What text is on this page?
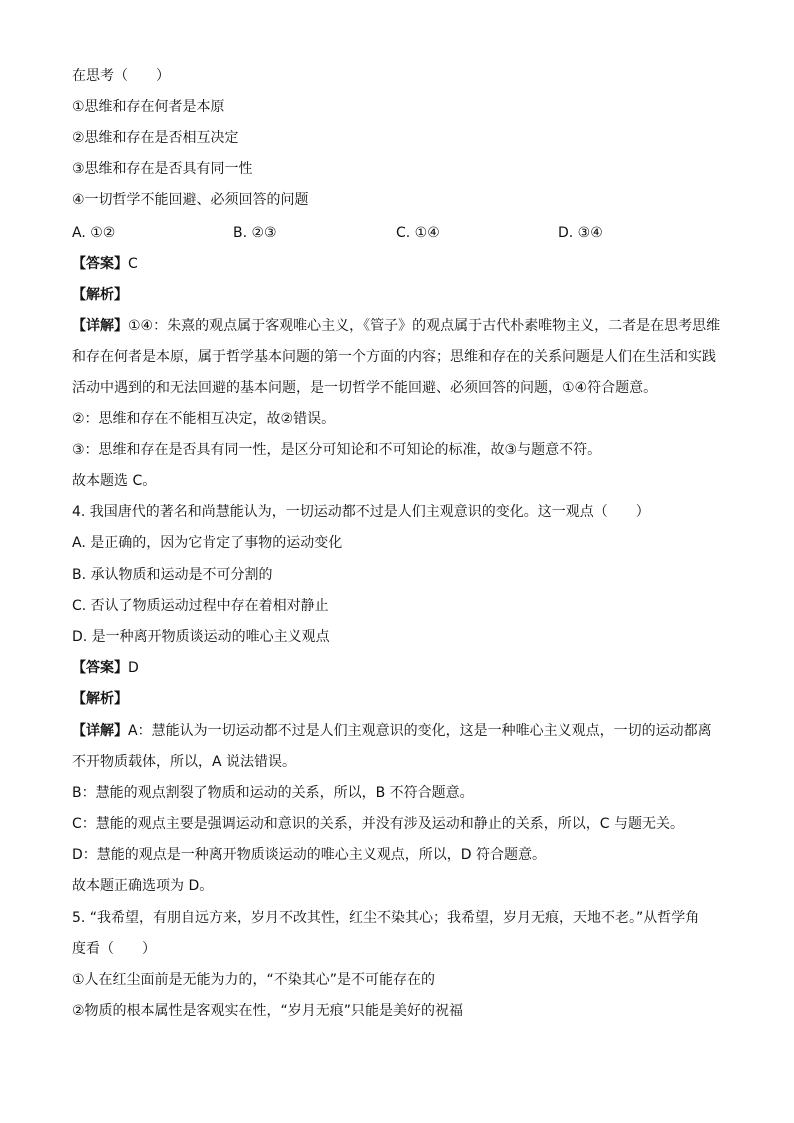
在思考（　　）

①思维和存在何者是本原

②思维和存在是否相互决定

③思维和存在是否具有同一性

④一切哲学不能回避、必须回答的问题

A. ①②	B. ②③	C. ①④	D. ③④

【答案】C

【解析】

【详解】①④：朱熹的观点属于客观唯心主义，《管子》的观点属于古代朴素唯物主义，二者是在思考思维

和存在何者是本原，属于哲学基本问题的第一个方面的内容；思维和存在的关系问题是人们在生活和实践

活动中遇到的和无法回避的基本问题，是一切哲学不能回避、必须回答的问题，①④符合题意。

②：思维和存在不能相互决定，故②错误。

③：思维和存在是否具有同一性，是区分可知论和不可知论的标准，故③与题意不符。

故本题选 C。

4. 我国唐代的著名和尚慧能认为，一切运动都不过是人们主观意识的变化。这一观点（　　）

A. 是正确的，因为它肯定了事物的运动变化

B. 承认物质和运动是不可分割的

C. 否认了物质运动过程中存在着相对静止

D. 是一种离开物质谈运动的唯心主义观点

【答案】D

【解析】

【详解】A：慧能认为一切运动都不过是人们主观意识的变化，这是一种唯心主义观点，一切的运动都离

不开物质载体，所以，A 说法错误。

B：慧能的观点割裂了物质和运动的关系，所以，B 不符合题意。

C：慧能的观点主要是强调运动和意识的关系，并没有涉及运动和静止的关系，所以，C 与题无关。

D：慧能的观点是一种离开物质谈运动的唯心主义观点，所以，D 符合题意。

故本题正确选项为 D。

5. “我希望，有朋自远方来，岁月不改其性，红尘不染其心；我希望，岁月无痕，天地不老。”从哲学角

度看（　　）

①人在红尘面前是无能为力的，“不染其心”是不可能存在的

②物质的根本属性是客观实在性，“岁月无痕”只能是美好的祝福
